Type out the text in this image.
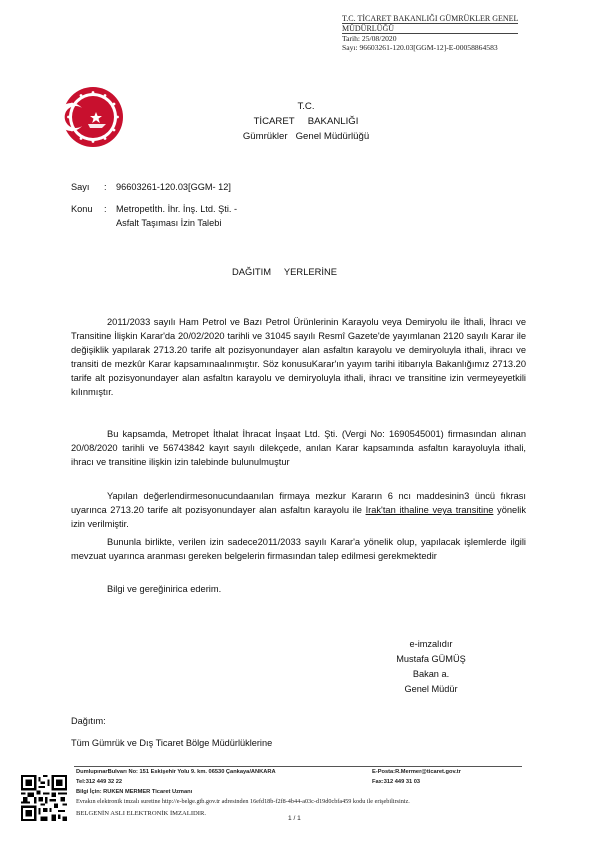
T.C. TİCARET BAKANLIĞI GÜMRÜKLER GENEL
MÜDÜRLÜĞÜ
Tarih: 25/08/2020
Sayı: 96603261-120.03[GGM-12]-E-00058864583
T.C.
TİCARET     BAKANLIĞI
Gümrükler   Genel Müdürlüğü
Sayı : 96603261-120.03[GGM- 12]
Konu : Metropetİth. İhr. İnş. Ltd. Şti. -
Asfalt Taşıması İzin Talebi
DAĞITIM     YERLERİNE
2011/2033 sayılı Ham Petrol ve Bazı Petrol Ürünlerinin Karayolu veya Demiryolu ile İthali, İhracı ve Transitine İlişkin Karar'da 20/02/2020 tarihli ve 31045 sayılı Resmî Gazete'de yayımlanan 2120 sayılı Karar ile değişiklik yapılarak 2713.20 tarife alt pozisyonundayer alan asfaltın karayolu ve demiryoluyla ithali, ihracı ve transiti de mezkûr Karar kapsamınaalınmıştır. Söz konusuKarar'ın yayım tarihi itibarıyla Bakanlığımız 2713.20 tarife alt pozisyonundayer alan asfaltın karayolu ve demiryoluyla ithali, ihracı ve transitine izin vermeyeyetkili kılınmıştır.
Bu kapsamda, Metropet İthalat İhracat İnşaat Ltd. Şti. (Vergi No: 1690545001) firmasından alınan 20/08/2020 tarihli ve 56743842 kayıt sayılı dilekçede, anılan Karar kapsamında asfaltın karayoluyla ithali, ihracı ve transitine ilişkin izin talebinde bulunulmuştur
Yapılan değerlendirmesonucundaanılan firmaya mezkur Kararın 6 ncı maddesinin3 üncü fıkrası uyarınca 2713.20 tarife alt pozisyonundayer alan asfaltın karayolu ile Irak'tan ithaline veya transitine yönelik izin verilmiştir.
Bununla birlikte, verilen izin sadece2011/2033 sayılı Karar'a yönelik olup, yapılacak işlemlerde ilgili mevzuat uyarınca aranması gereken belgelerin firmasından talep edilmesi gerekmektedir
Bilgi ve gereğinirica ederim.
e-imzalıdır
Mustafa GÜMÜŞ
Bakan a.
Genel Müdür
Dağıtım:
Tüm Gümrük ve Dış Ticaret Bölge Müdürlüklerine
DumlupınarBulvarı No: 151 Eskişehir Yolu 9. km. 06530 Çankaya/ANKARA
Tel:312 449 32 22
Bilgi İçin: RUKEN MERMER Ticaret Uzmanı
E-Posta:R.Mermer@ticaret.gov.tr
Fax:312 449 31 03
Evrakın elektronik imzalı suretine http://e-belge.gtb.gov.tr adresinden 16efd18b-f2f8-4b44-a03c-d19d0cbfa459 kodu ile erişebilirsiniz.
BELGENİN ASLI ELEKTRONİK İMZALIDIR.
1 / 1
